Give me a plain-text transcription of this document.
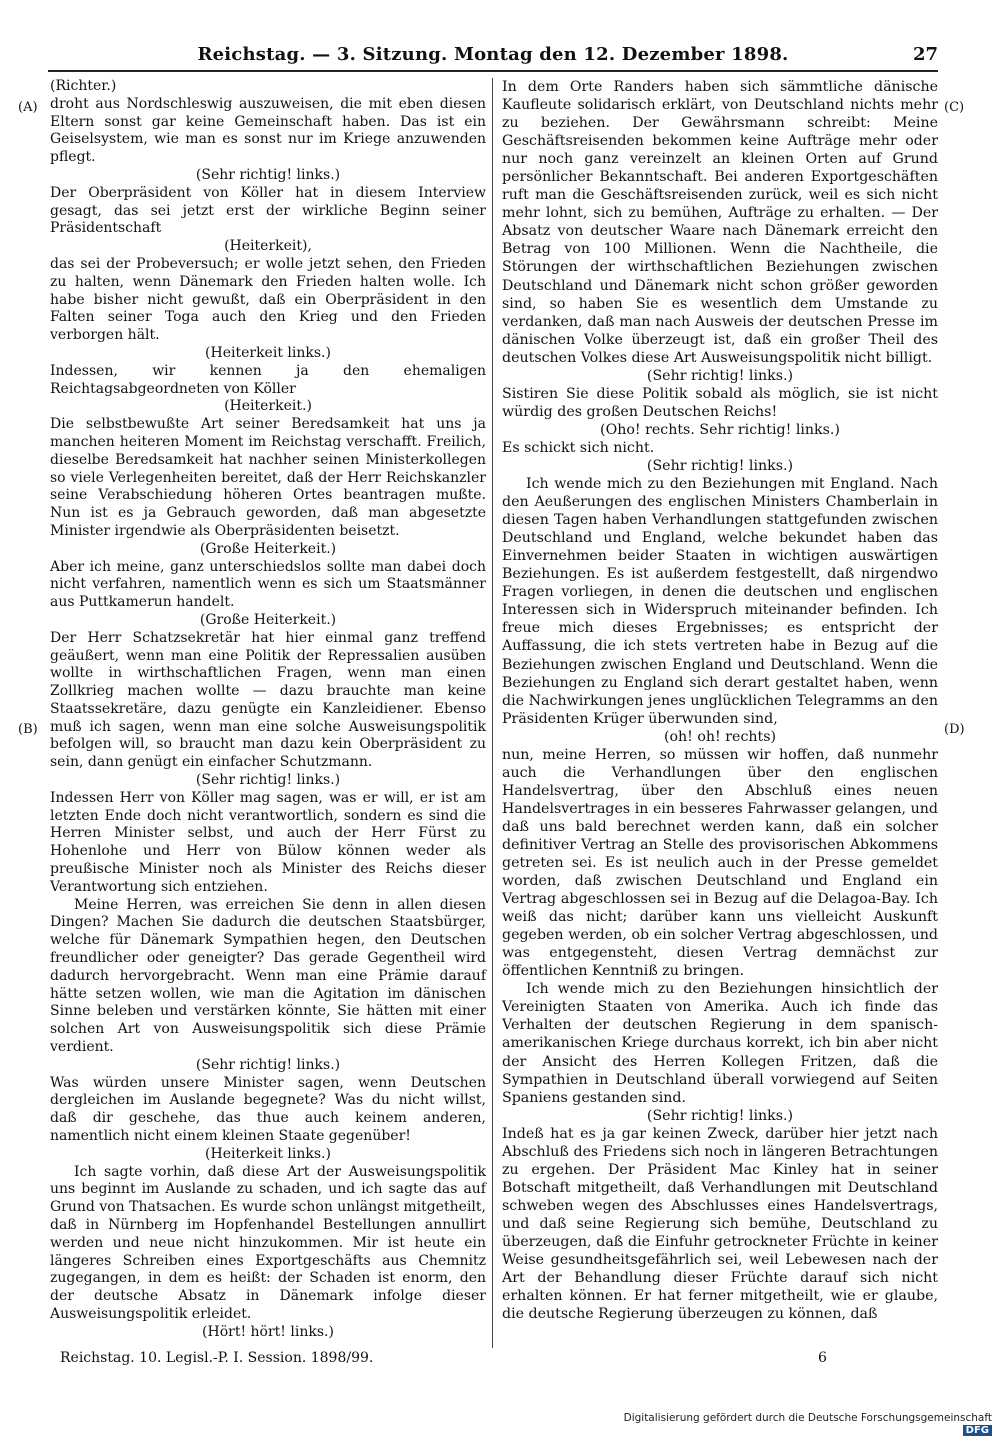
Reichstag. — 3. Sitzung. Montag den 12. Dezember 1898.	27
(A)
(B)
(C)
(D)

(Richter.)

droht aus Nordschleswig auszuweisen, die mit eben diesen Eltern sonst gar keine Gemeinschaft haben. Das ist ein Geiselsystem, wie man es sonst nur im Kriege anzuwenden pflegt.

(Sehr richtig! links.)

Der Oberpräsident von Köller hat in diesem Interview gesagt, das sei jetzt erst der wirkliche Beginn seiner Präsidentschaft

(Heiterkeit),

das sei der Probeversuch; er wolle jetzt sehen, den Frieden zu halten, wenn Dänemark den Frieden halten wolle. Ich habe bisher nicht gewußt, daß ein Oberpräsident in den Falten seiner Toga auch den Krieg und den Frieden verborgen hält.

(Heiterkeit links.)

Indessen, wir kennen ja den ehemaligen Reichtagsabgeordneten von Köller

(Heiterkeit.)

Die selbstbewußte Art seiner Beredsamkeit hat uns ja manchen heiteren Moment im Reichstag verschafft. Freilich, dieselbe Beredsamkeit hat nachher seinen Ministerkollegen so viele Verlegenheiten bereitet, daß der Herr Reichskanzler seine Verabschiedung höheren Ortes beantragen mußte. Nun ist es ja Gebrauch geworden, daß man abgesetzte Minister irgendwie als Oberpräsidenten beisetzt.

(Große Heiterkeit.)

Aber ich meine, ganz unterschiedslos sollte man dabei doch nicht verfahren, namentlich wenn es sich um Staatsmänner aus Puttkamerun handelt.

(Große Heiterkeit.)

Der Herr Schatzsekretär hat hier einmal ganz treffend geäußert, wenn man eine Politik der Repressalien ausüben wollte in wirthschaftlichen Fragen, wenn man einen Zollkrieg machen wollte — dazu brauchte man keine Staatssekretäre, dazu genügte ein Kanzleidiener. Ebenso muß ich sagen, wenn man eine solche Ausweisungspolitik befolgen will, so braucht man dazu kein Oberpräsident zu sein, dann genügt ein einfacher Schutzmann.

(Sehr richtig! links.)

Indessen Herr von Köller mag sagen, was er will, er ist am letzten Ende doch nicht verantwortlich, sondern es sind die Herren Minister selbst, und auch der Herr Fürst zu Hohenlohe und Herr von Bülow können weder als preußische Minister noch als Minister des Reichs dieser Verantwortung sich entziehen.

Meine Herren, was erreichen Sie denn in allen diesen Dingen? Machen Sie dadurch die deutschen Staatsbürger, welche für Dänemark Sympathien hegen, den Deutschen freundlicher oder geneigter? Das gerade Gegentheil wird dadurch hervorgebracht. Wenn man eine Prämie darauf hätte setzen wollen, wie man die Agitation im dänischen Sinne beleben und verstärken könnte, Sie hätten mit einer solchen Art von Ausweisungspolitik sich diese Prämie verdient.

(Sehr richtig! links.)

Was würden unsere Minister sagen, wenn Deutschen dergleichen im Auslande begegnete? Was du nicht willst, daß dir geschehe, das thue auch keinem anderen, namentlich nicht einem kleinen Staate gegenüber!

(Heiterkeit links.)

Ich sagte vorhin, daß diese Art der Ausweisungspolitik uns beginnt im Auslande zu schaden, und ich sagte das auf Grund von Thatsachen. Es wurde schon unlängst mitgetheilt, daß in Nürnberg im Hopfenhandel Bestellungen annullirt werden und neue nicht hinzukommen. Mir ist heute ein längeres Schreiben eines Exportgeschäfts aus Chemnitz zugegangen, in dem es heißt: der Schaden ist enorm, den der deutsche Absatz in Dänemark infolge dieser Ausweisungspolitik erleidet.

(Hört! hört! links.)

In dem Orte Randers haben sich sämmtliche dänische Kaufleute solidarisch erklärt, von Deutschland nichts mehr zu beziehen. Der Gewährsmann schreibt: Meine Geschäftsreisenden bekommen keine Aufträge mehr oder nur noch ganz vereinzelt an kleinen Orten auf Grund persönlicher Bekanntschaft. Bei anderen Exportgeschäften ruft man die Geschäftsreisenden zurück, weil es sich nicht mehr lohnt, sich zu bemühen, Aufträge zu erhalten. — Der Absatz von deutscher Waare nach Dänemark erreicht den Betrag von 100 Millionen. Wenn die Nachtheile, die Störungen der wirthschaftlichen Beziehungen zwischen Deutschland und Dänemark nicht schon größer geworden sind, so haben Sie es wesentlich dem Umstande zu verdanken, daß man nach Ausweis der deutschen Presse im dänischen Volke überzeugt ist, daß ein großer Theil des deutschen Volkes diese Art Ausweisungspolitik nicht billigt.

(Sehr richtig! links.)

Sistiren Sie diese Politik sobald als möglich, sie ist nicht würdig des großen Deutschen Reichs!

(Oho! rechts. Sehr richtig! links.)

Es schickt sich nicht.

(Sehr richtig! links.)

Ich wende mich zu den Beziehungen mit England. Nach den Aeußerungen des englischen Ministers Chamberlain in diesen Tagen haben Verhandlungen stattgefunden zwischen Deutschland und England, welche bekundet haben das Einvernehmen beider Staaten in wichtigen auswärtigen Beziehungen. Es ist außerdem festgestellt, daß nirgendwo Fragen vorliegen, in denen die deutschen und englischen Interessen sich in Widerspruch miteinander befinden. Ich freue mich dieses Ergebnisses; es entspricht der Auffassung, die ich stets vertreten habe in Bezug auf die Beziehungen zwischen England und Deutschland. Wenn die Beziehungen zu England sich derart gestaltet haben, wenn die Nachwirkungen jenes unglücklichen Telegramms an den Präsidenten Krüger überwunden sind,

(oh! oh! rechts)

nun, meine Herren, so müssen wir hoffen, daß nunmehr auch die Verhandlungen über den englischen Handelsvertrag, über den Abschluß eines neuen Handelsvertrages in ein besseres Fahrwasser gelangen, und daß uns bald berechnet werden kann, daß ein solcher definitiver Vertrag an Stelle des provisorischen Abkommens getreten sei. Es ist neulich auch in der Presse gemeldet worden, daß zwischen Deutschland und England ein Vertrag abgeschlossen sei in Bezug auf die Delagoa-Bay. Ich weiß das nicht; darüber kann uns vielleicht Auskunft gegeben werden, ob ein solcher Vertrag abgeschlossen, und was entgegensteht, diesen Vertrag demnächst zur öffentlichen Kenntniß zu bringen.

Ich wende mich zu den Beziehungen hinsichtlich der Vereinigten Staaten von Amerika. Auch ich finde das Verhalten der deutschen Regierung in dem spanisch-amerikanischen Kriege durchaus korrekt, ich bin aber nicht der Ansicht des Herren Kollegen Fritzen, daß die Sympathien in Deutschland überall vorwiegend auf Seiten Spaniens gestanden sind.

(Sehr richtig! links.)

Indeß hat es ja gar keinen Zweck, darüber hier jetzt nach Abschluß des Friedens sich noch in längeren Betrachtungen zu ergehen. Der Präsident Mac Kinley hat in seiner Botschaft mitgetheilt, daß Verhandlungen mit Deutschland schweben wegen des Abschlusses eines Handelsvertrags, und daß seine Regierung sich bemühe, Deutschland zu überzeugen, daß die Einfuhr getrockneter Früchte in keiner Weise gesundheitsgefährlich sei, weil Lebewesen nach der Art der Behandlung dieser Früchte darauf sich nicht erhalten können. Er hat ferner mitgetheilt, wie er glaube, die deutsche Regierung überzeugen zu können, daß

Reichstag. 10. Legisl.-P. I. Session. 1898/99.	6
Digitalisierung gefördert durch die Deutsche ForschungsgemeinschaftDFG
